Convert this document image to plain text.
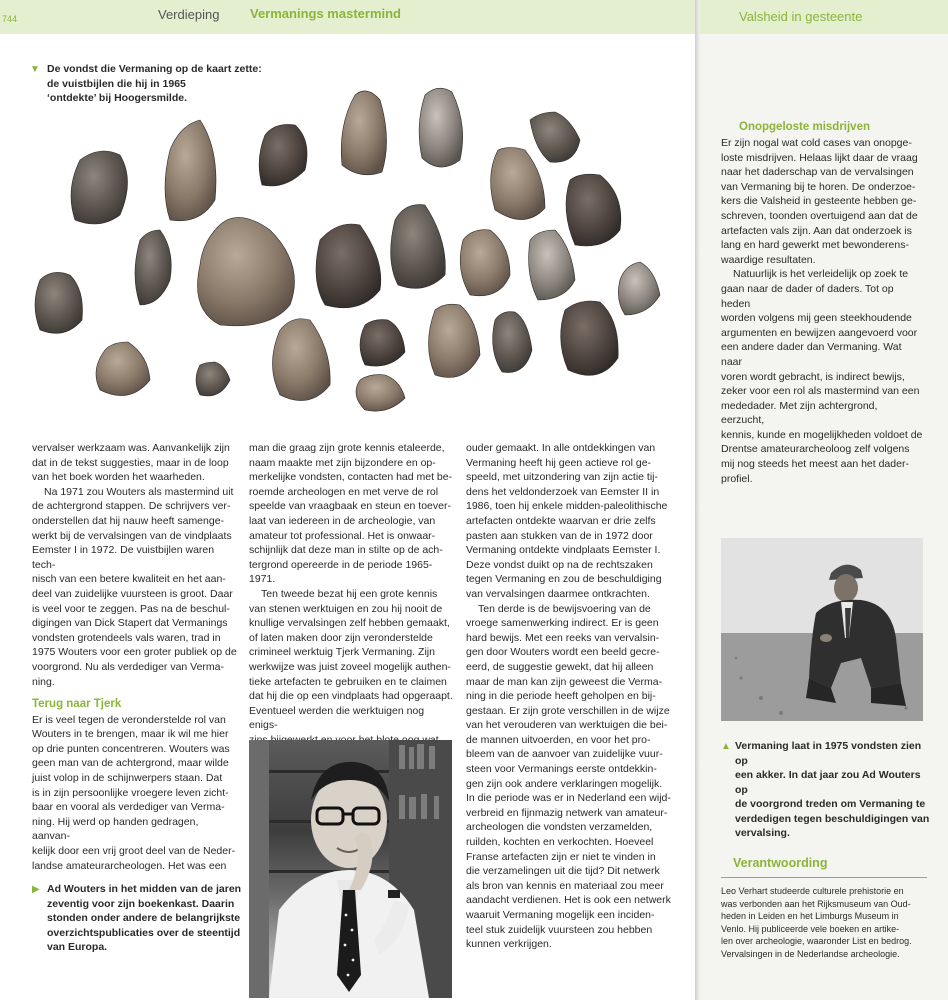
744	Verdieping Vermanings mastermind	Valsheid in gesteente
▼ De vondst die Vermaning op de kaart zette:
de vuistbijlen die hij in 1965
‘ontdekte’ bij Hoogersmilde.

vervalser werkzaam was. Aanvankelijk zijn
dat in de tekst suggesties, maar in de loop
van het boek worden het waarheden.

Na 1971 zou Wouters als mastermind uit
de achtergrond stappen. De schrijvers ver-
onderstellen dat hij nauw heeft samenge-
werkt bij de vervalsingen van de vindplaats
Eemster I in 1972. De vuistbijlen waren tech-
nisch van een betere kwaliteit en het aan-
deel van zuidelijke vuursteen is groot. Daar
is veel voor te zeggen. Pas na de beschul-
digingen van Dick Stapert dat Vermanings
vondsten grotendeels vals waren, trad in
1975 Wouters voor een groter publiek op de
voorgrond. Nu als verdediger van Verma-
ning.

Terug naar Tjerk

Er is veel tegen de veronderstelde rol van
Wouters in te brengen, maar ik wil me hier
op drie punten concentreren. Wouters was
geen man van de achtergrond, maar wilde
juist volop in de schijnwerpers staan. Dat
is in zijn persoonlijke vroegere leven zicht-
baar en vooral als verdediger van Verma-
ning. Hij werd op handen gedragen, aanvan-
kelijk door een vrij groot deel van de Neder-
landse amateurarcheologen. Het was een

▶ Ad Wouters in het midden van de jaren
zeventig voor zijn boekenkast. Daarin
stonden onder andere de belangrijkste
overzichtspublicaties over de steentijd
van Europa.

man die graag zijn grote kennis etaleerde,
naam maakte met zijn bijzondere en op-
merkelijke vondsten, contacten had met be-
roemde archeologen en met verve de rol
speelde van vraagbaak en steun en toever-
laat van iedereen in de archeologie, van
amateur tot professional. Het is onwaar-
schijnlijk dat deze man in stilte op de ach-
tergrond opereerde in de periode 1965-1971.

Ten tweede bezat hij een grote kennis
van stenen werktuigen en zou hij nooit de
knullige vervalsingen zelf hebben gemaakt,
of laten maken door zijn veronderstelde
crimineel werktuig Tjerk Vermaning. Zijn
werkwijze was juist zoveel mogelijk authen-
tieke artefacten te gebruiken en te claimen
dat hij die op een vindplaats had opgeraapt.
Eventueel werden die werktuigen nog enigs-

ouder gemaakt. In alle ontdekkingen van
Vermaning heeft hij geen actieve rol ge-
speeld, met uitzondering van zijn actie tij-
dens het veldonderzoek van Eemster II in
1986, toen hij enkele midden-paleolithische
artefacten ontdekte waarvan er drie zelfs
pasten aan stukken van de in 1972 door
Vermaning ontdekte vindplaats Eemster I.
Deze vondst duikt op na de rechtszaken
tegen Vermaning en zou de beschuldiging
van vervalsingen daarmee ontkrachten.

Ten derde is de bewijsvoering van de
vroege samenwerking indirect. Er is geen
hard bewijs. Met een reeks van vervalsin-
gen door Wouters wordt een beeld gecre-
eerd, de suggestie gewekt, dat hij alleen
maar de man kan zijn geweest die Verma-
ning in die periode heeft geholpen en bij-
gestaan. Er zijn grote verschillen in de wijze
van het verouderen van werktuigen die bei-
de mannen uitvoerden, en voor het pro-
bleem van de aanvoer van zuidelijke vuur-
steen voor Vermanings eerste ontdekkin-
gen zijn ook andere verklaringen mogelijk.
In die periode was er in Nederland een wijd-
verbreid en fijnmazig netwerk van amateur-
archeologen die vondsten verzamelden,
ruilden, kochten en verkochten. Hoeveel
Franse artefacten zijn er niet te vinden in
die verzamelingen uit die tijd? Dit netwerk
als bron van kennis en materiaal zou meer
aandacht verdienen. Het is ook een netwerk
waaruit Vermaning mogelijk een inciden-
teel stuk zuidelijk vuursteen zou hebben
kunnen verkrijgen.

Onopgeloste misdrijven

Er zijn nogal wat cold cases van onopge-
loste misdrijven. Helaas lijkt daar de vraag
naar het daderschap van de vervalsingen
van Vermaning bij te horen. De onderzoe-
kers die Valsheid in gesteente hebben ge-
schreven, toonden overtuigend aan dat de
artefacten vals zijn. Aan dat onderzoek is
lang en hard gewerkt met bewonderens-
waardige resultaten.

Natuurlijk is het verleidelijk op zoek te
gaan naar de dader of daders. Tot op heden
worden volgens mij geen steekhoudende
argumenten en bewijzen aangevoerd voor
een andere dader dan Vermaning. Wat naar
voren wordt gebracht, is indirect bewijs,
zeker voor een rol als mastermind van een
mededader. Met zijn achtergrond, eerzucht,
kennis, kunde en mogelijkheden voldoet de
Drentse amateurarcheoloog zelf volgens
mij nog steeds het meest aan het dader-
profiel.

▲ Vermaning laat in 1975 vondsten zien op
een akker. In dat jaar zou Ad Wouters op
de voorgrond treden om Vermaning te
verdedigen tegen beschuldigingen van
vervalsing.
Verantwoording
Leo Verhart studeerde culturele prehistorie en
was verbonden aan het Rijksmuseum van Oud-
heden in Leiden en het Limburgs Museum in
Venlo. Hij publiceerde vele boeken en artike-
len over archeologie, waaronder List en bedrog.
Vervalsingen in de Nederlandse archeologie.
